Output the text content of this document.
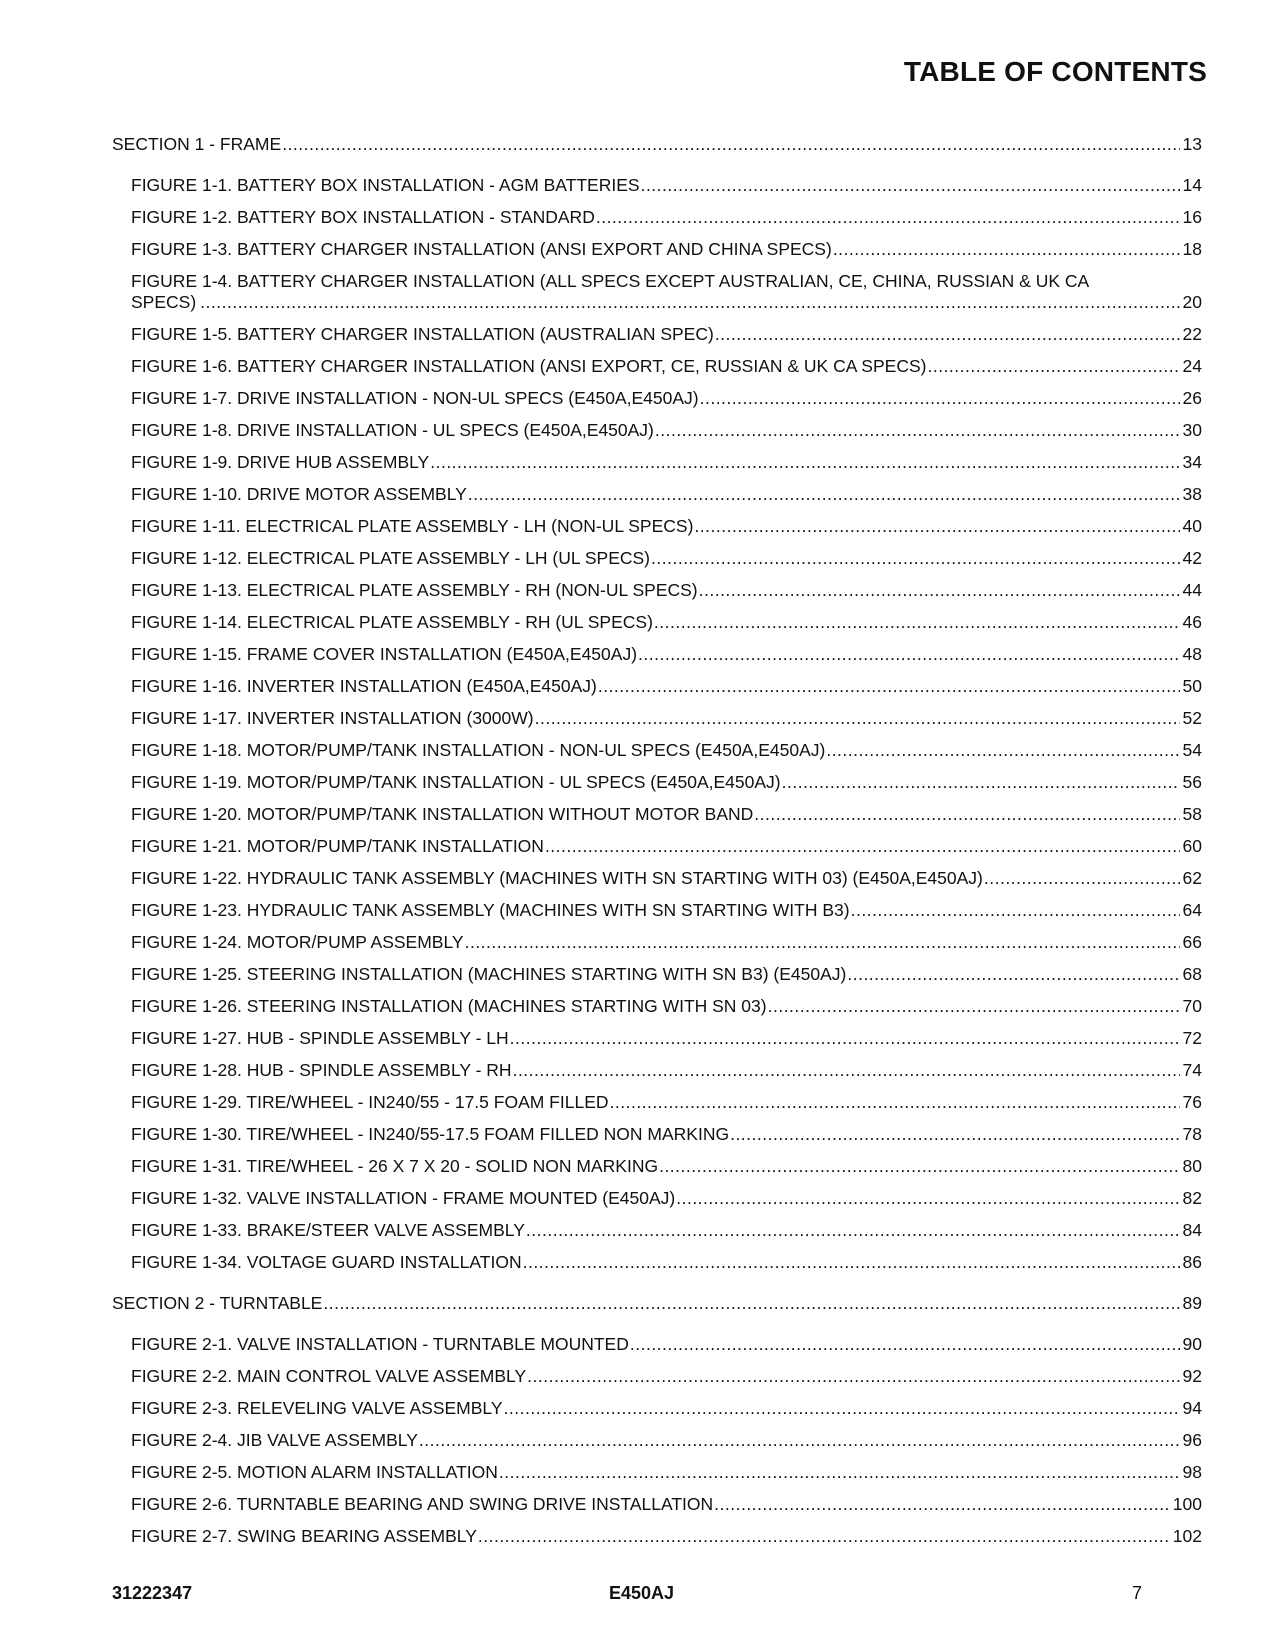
TABLE OF CONTENTS
SECTION 1 - FRAME .....	13
FIGURE 1-1. BATTERY BOX INSTALLATION - AGM BATTERIES .....	14
FIGURE 1-2. BATTERY BOX INSTALLATION - STANDARD .....	16
FIGURE 1-3. BATTERY CHARGER INSTALLATION (ANSI EXPORT AND CHINA SPECS) .....	18
FIGURE 1-4. BATTERY CHARGER INSTALLATION (ALL SPECS EXCEPT AUSTRALIAN, CE, CHINA, RUSSIAN & UK CA
SPECS) .....	20
FIGURE 1-5. BATTERY CHARGER INSTALLATION (AUSTRALIAN SPEC) .....	22
FIGURE 1-6. BATTERY CHARGER INSTALLATION (ANSI EXPORT, CE, RUSSIAN & UK CA SPECS) .....	24
FIGURE 1-7. DRIVE INSTALLATION - NON-UL SPECS (E450A,E450AJ) .....	26
FIGURE 1-8. DRIVE INSTALLATION - UL SPECS (E450A,E450AJ) .....	30
FIGURE 1-9. DRIVE HUB ASSEMBLY .....	34
FIGURE 1-10. DRIVE MOTOR ASSEMBLY .....	38
FIGURE 1-11. ELECTRICAL PLATE ASSEMBLY - LH (NON-UL SPECS) .....	40
FIGURE 1-12. ELECTRICAL PLATE ASSEMBLY - LH (UL SPECS) .....	42
FIGURE 1-13. ELECTRICAL PLATE ASSEMBLY - RH (NON-UL SPECS) .....	44
FIGURE 1-14. ELECTRICAL PLATE ASSEMBLY - RH (UL SPECS) .....	46
FIGURE 1-15. FRAME COVER INSTALLATION (E450A,E450AJ) .....	48
FIGURE 1-16. INVERTER INSTALLATION (E450A,E450AJ) .....	50
FIGURE 1-17. INVERTER INSTALLATION (3000W) .....	52
FIGURE 1-18. MOTOR/PUMP/TANK INSTALLATION - NON-UL SPECS (E450A,E450AJ) .....	54
FIGURE 1-19. MOTOR/PUMP/TANK INSTALLATION - UL SPECS (E450A,E450AJ) .....	56
FIGURE 1-20. MOTOR/PUMP/TANK INSTALLATION WITHOUT MOTOR BAND .....	58
FIGURE 1-21. MOTOR/PUMP/TANK INSTALLATION .....	60
FIGURE 1-22. HYDRAULIC TANK ASSEMBLY (MACHINES WITH SN STARTING WITH 03) (E450A,E450AJ) .....	62
FIGURE 1-23. HYDRAULIC TANK ASSEMBLY (MACHINES WITH SN STARTING WITH B3) .....	64
FIGURE 1-24. MOTOR/PUMP ASSEMBLY .....	66
FIGURE 1-25. STEERING INSTALLATION (MACHINES STARTING WITH SN B3) (E450AJ) .....	68
FIGURE 1-26. STEERING INSTALLATION (MACHINES STARTING WITH SN 03) .....	70
FIGURE 1-27. HUB - SPINDLE ASSEMBLY - LH .....	72
FIGURE 1-28. HUB - SPINDLE ASSEMBLY - RH .....	74
FIGURE 1-29. TIRE/WHEEL - IN240/55 - 17.5 FOAM FILLED .....	76
FIGURE 1-30. TIRE/WHEEL - IN240/55-17.5 FOAM FILLED NON MARKING .....	78
FIGURE 1-31. TIRE/WHEEL - 26 X 7 X 20 - SOLID NON MARKING .....	80
FIGURE 1-32. VALVE INSTALLATION - FRAME MOUNTED (E450AJ) .....	82
FIGURE 1-33. BRAKE/STEER VALVE ASSEMBLY .....	84
FIGURE 1-34. VOLTAGE GUARD INSTALLATION .....	86
SECTION 2 - TURNTABLE .....	89
FIGURE 2-1. VALVE INSTALLATION - TURNTABLE MOUNTED .....	90
FIGURE 2-2. MAIN CONTROL VALVE ASSEMBLY .....	92
FIGURE 2-3. RELEVELING VALVE ASSEMBLY .....	94
FIGURE 2-4. JIB VALVE ASSEMBLY .....	96
FIGURE 2-5. MOTION ALARM INSTALLATION .....	98
FIGURE 2-6. TURNTABLE BEARING AND SWING DRIVE INSTALLATION .....	100
FIGURE 2-7. SWING BEARING ASSEMBLY .....	102
31222347	E450AJ	7
